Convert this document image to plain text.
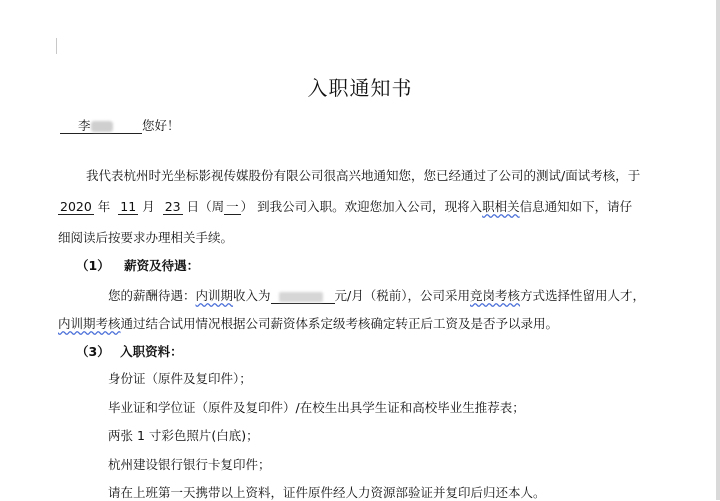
入职通知书
李	您好！
我代表杭州时光坐标影视传媒股份有限公司很高兴地通知您，您已经通过了公司的测试/面试考核，于
2020 年 11 月 23 日（周 一 ） 到我公司入职。欢迎您加入公司，现将入职相关信息通知如下，请仔
细阅读后按要求办理相关手续。
（1） 薪资及待遇：
您的薪酬待遇：内训期收入为	元/月（税前），公司采用竞岗考核方式选择性留用人才，
内训期考核通过结合试用情况根据公司薪资体系定级考核确定转正后工资及是否予以录用。
（3） 入职资料：
身份证（原件及复印件）；
毕业证和学位证（原件及复印件）/在校生出具学生证和高校毕业生推荐表；
两张 1 寸彩色照片(白底)；
杭州建设银行银行卡复印件；
请在上班第一天携带以上资料，证件原件经人力资源部验证并复印后归还本人。
